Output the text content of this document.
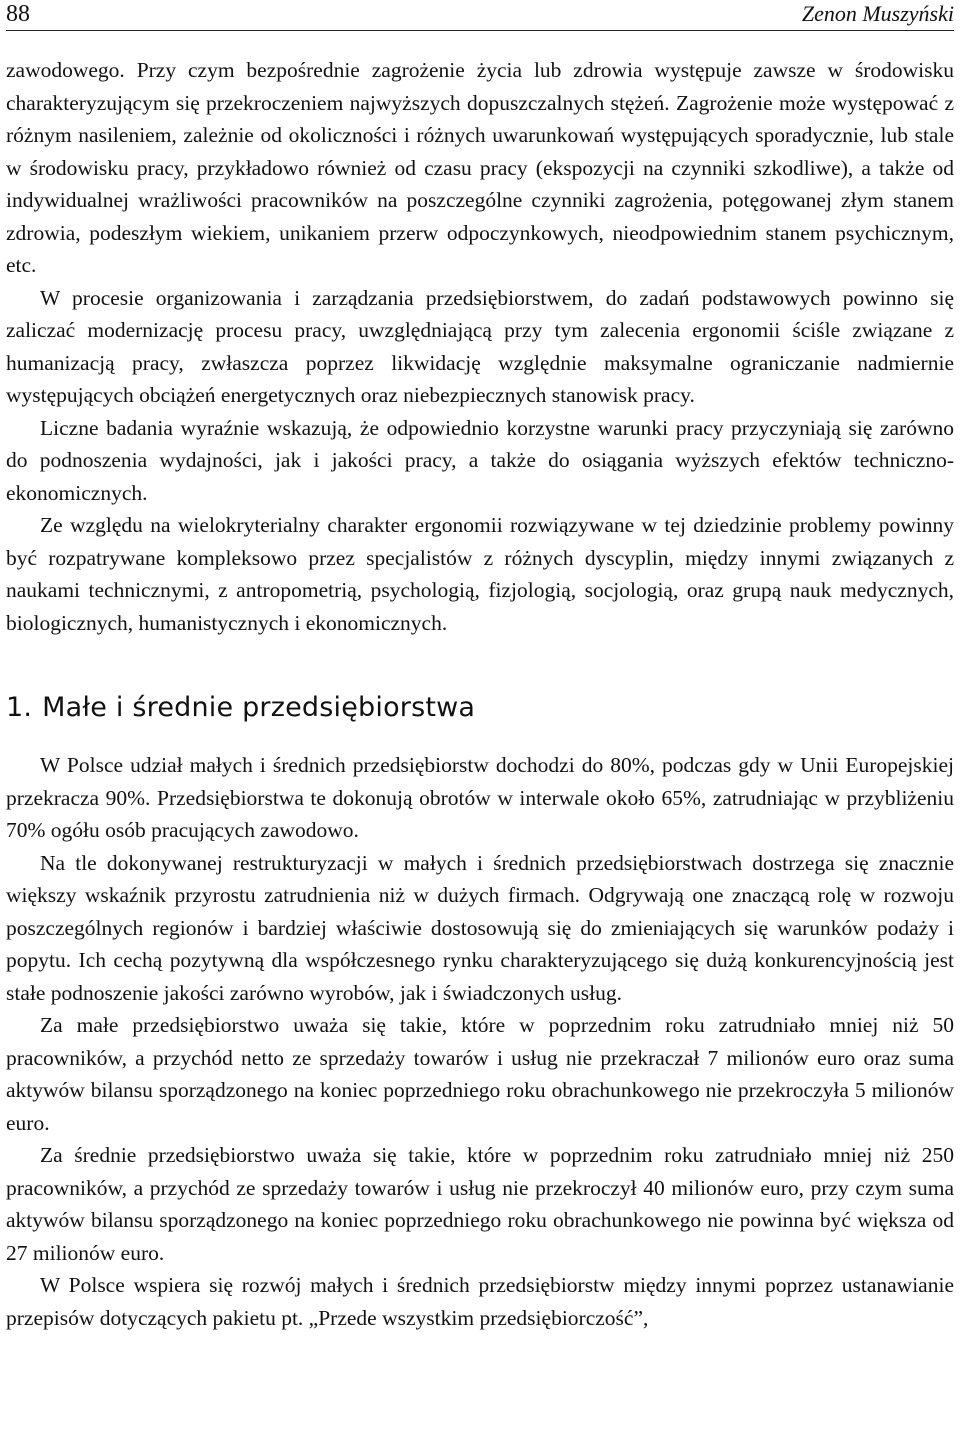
88	Zenon Muszyński

zawodowego. Przy czym bezpośrednie zagrożenie życia lub zdrowia występuje zawsze w środowisku charakteryzującym się przekroczeniem najwyższych dopuszczalnych stężeń. Zagrożenie może występować z różnym nasileniem, zależnie od okoliczności i różnych uwarunkowań występujących sporadycznie, lub stale w środowisku pracy, przykładowo również od czasu pracy (ekspozycji na czynniki szkodliwe), a także od indywidualnej wrażliwości pracowników na poszczególne czynniki zagrożenia, potęgowanej złym stanem zdrowia, podeszłym wiekiem, unikaniem przerw odpoczynkowych, nieodpowiednim stanem psychicznym, etc.

W procesie organizowania i zarządzania przedsiębiorstwem, do zadań podstawowych powinno się zaliczać modernizację procesu pracy, uwzględniającą przy tym zalecenia ergonomii ściśle związane z humanizacją pracy, zwłaszcza poprzez likwidację względnie maksymalne ograniczanie nadmiernie występujących obciążeń energetycznych oraz niebezpiecznych stanowisk pracy.

Liczne badania wyraźnie wskazują, że odpowiednio korzystne warunki pracy przyczyniają się zarówno do podnoszenia wydajności, jak i jakości pracy, a także do osiągania wyższych efektów techniczno-ekonomicznych.

Ze względu na wielokryterialny charakter ergonomii rozwiązywane w tej dziedzinie problemy powinny być rozpatrywane kompleksowo przez specjalistów z różnych dyscyplin, między innymi związanych z naukami technicznymi, z antropometrią, psychologią, fizjologią, socjologią, oraz grupą nauk medycznych, biologicznych, humanistycznych i ekonomicznych.

1. Małe i średnie przedsiębiorstwa

W Polsce udział małych i średnich przedsiębiorstw dochodzi do 80%, podczas gdy w Unii Europejskiej przekracza 90%. Przedsiębiorstwa te dokonują obrotów w interwale około 65%, zatrudniając w przybliżeniu 70% ogółu osób pracujących zawodowo.

Na tle dokonywanej restrukturyzacji w małych i średnich przedsiębiorstwach dostrzega się znacznie większy wskaźnik przyrostu zatrudnienia niż w dużych firmach. Odgrywają one znaczącą rolę w rozwoju poszczególnych regionów i bardziej właściwie dostosowują się do zmieniających się warunków podaży i popytu. Ich cechą pozytywną dla współczesnego rynku charakteryzującego się dużą konkurencyjnością jest stałe podnoszenie jakości zarówno wyrobów, jak i świadczonych usług.

Za małe przedsiębiorstwo uważa się takie, które w poprzednim roku zatrudniało mniej niż 50 pracowników, a przychód netto ze sprzedaży towarów i usług nie przekraczał 7 milionów euro oraz suma aktywów bilansu sporządzonego na koniec poprzedniego roku obrachunkowego nie przekroczyła 5 milionów euro.

Za średnie przedsiębiorstwo uważa się takie, które w poprzednim roku zatrudniało mniej niż 250 pracowników, a przychód ze sprzedaży towarów i usług nie przekroczył 40 milionów euro, przy czym suma aktywów bilansu sporządzonego na koniec poprzedniego roku obrachunkowego nie powinna być większa od 27 milionów euro.

W Polsce wspiera się rozwój małych i średnich przedsiębiorstw między innymi poprzez ustanawianie przepisów dotyczących pakietu pt. „Przede wszystkim przedsiębiorczość”,
